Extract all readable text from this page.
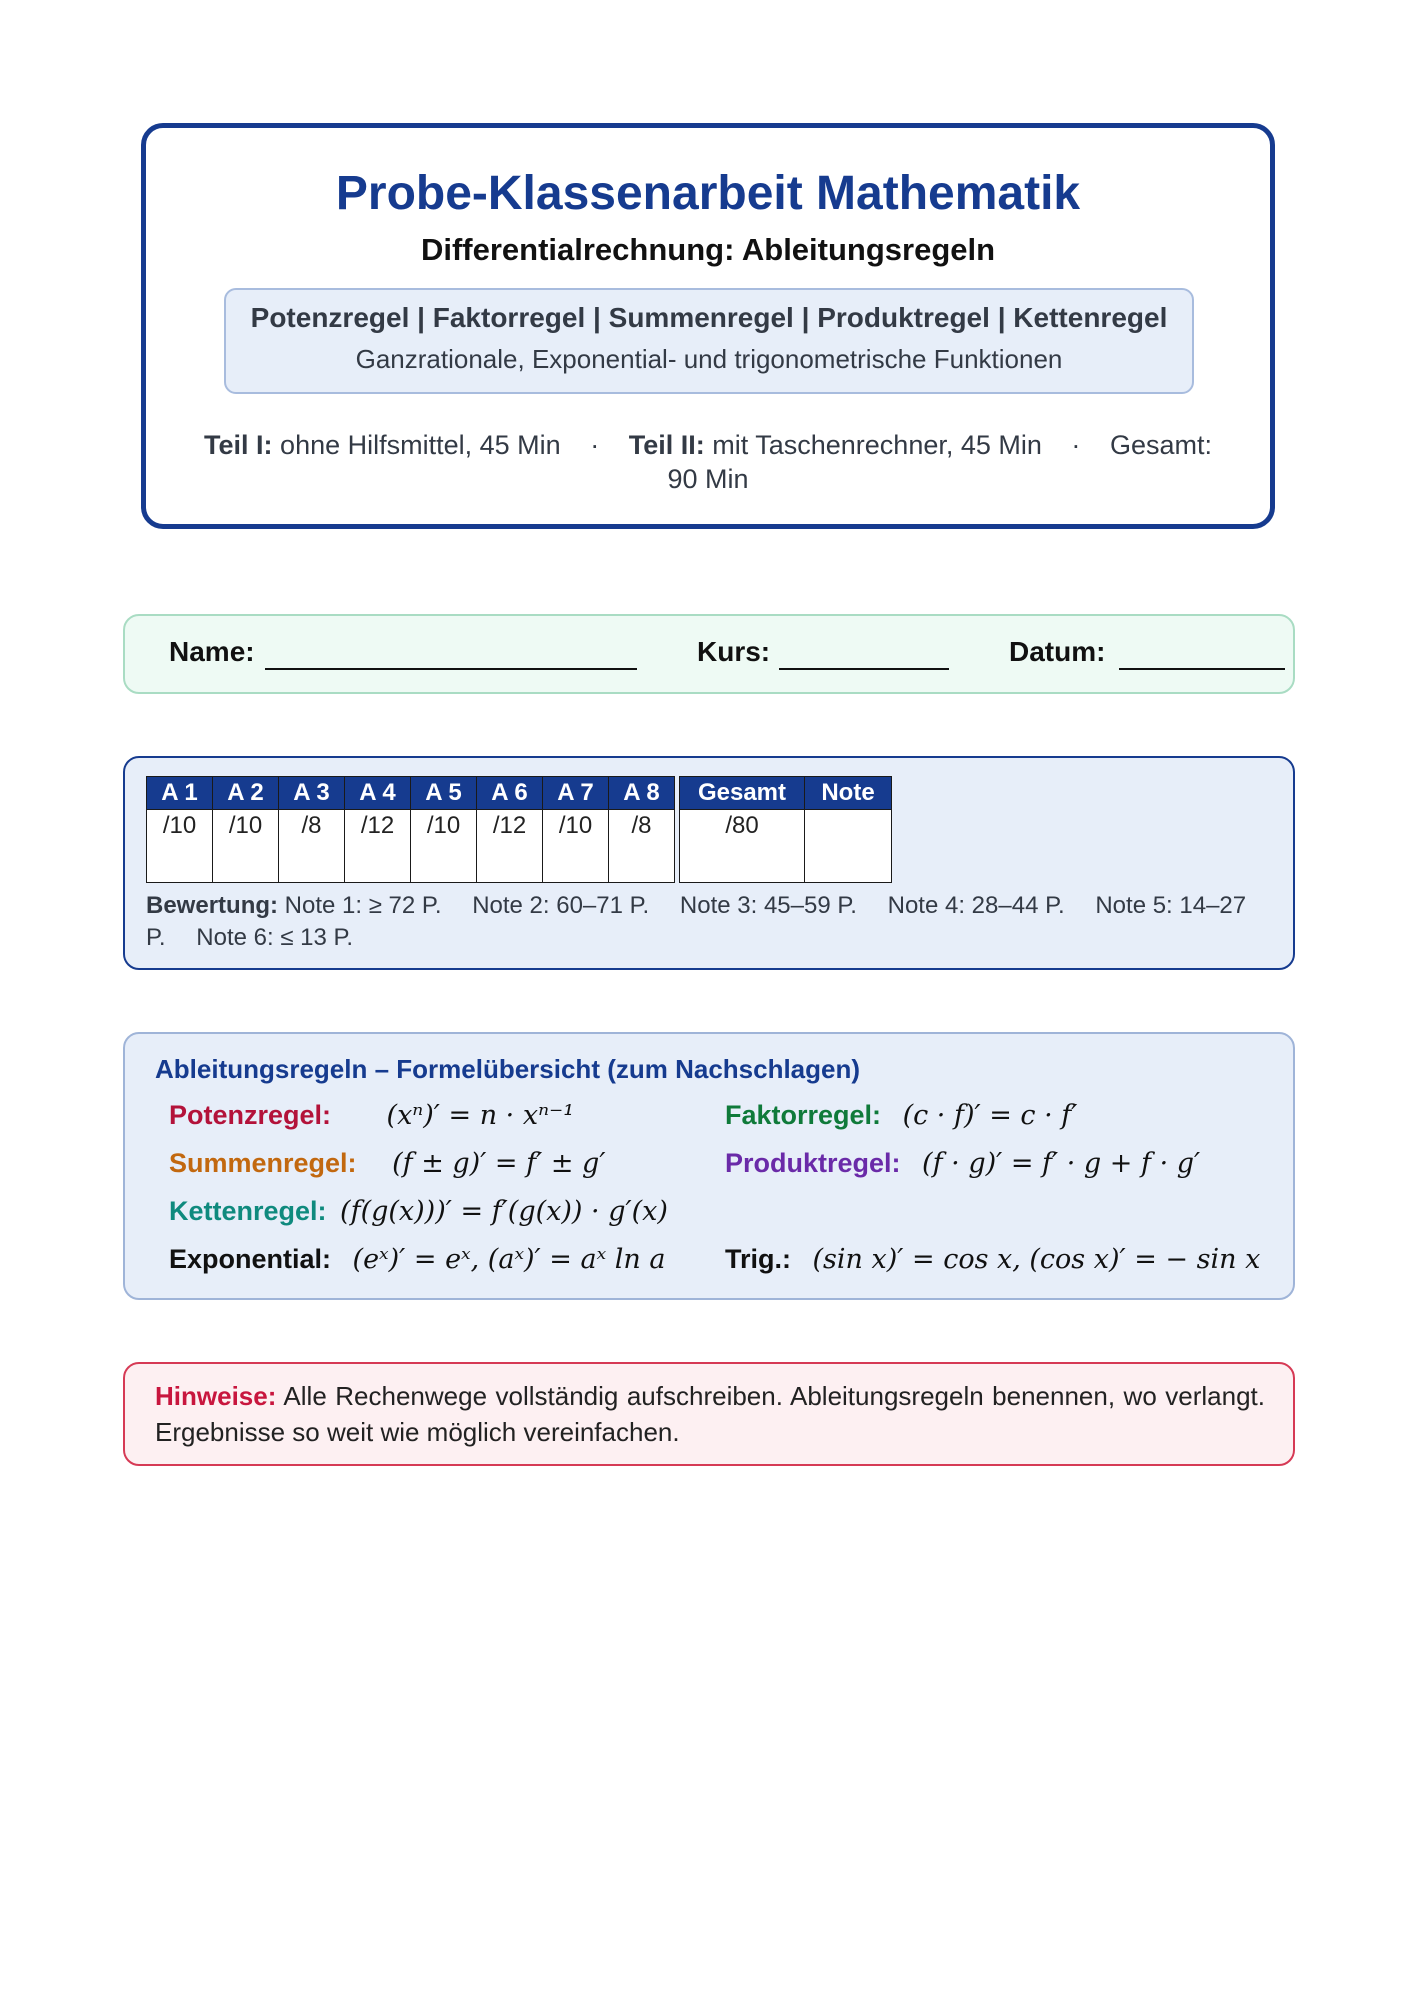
Probe-Klassenarbeit Mathematik
Differentialrechnung: Ableitungsregeln
Potenzregel | Faktorregel | Summenregel | Produktregel | Kettenregel
Ganzrationale, Exponential- und trigonometrische Funktionen
Teil I: ohne Hilfsmittel, 45 Min · Teil II: mit Taschenrechner, 45 Min · Gesamt: 90 Min
Name:	Kurs:	Datum:
A 1	A 2	A 3	A 4	A 5	A 6	A 7	A 8		Gesamt	Note
/10	/10	/8	/12	/10	/12	/10	/8		/80	
Bewertung: Note 1: ≥ 72 P. Note 2: 60–71 P. Note 3: 45–59 P. Note 4: 28–44 P. Note 5: 14–27 P. Note 6: ≤ 13 P.
Ableitungsregeln – Formelübersicht (zum Nachschlagen)
Potenzregel: (xⁿ)′ = n · xⁿ⁻¹	Faktorregel: (c · f)′ = c · f′
Summenregel: (f ± g)′ = f′ ± g′	Produktregel: (f · g)′ = f′ · g + f · g′
Kettenregel: (f(g(x)))′ = f′(g(x)) · g′(x)
Exponential: (eˣ)′ = eˣ, (aˣ)′ = aˣ ln a Trig.: (sin x)′ = cos x, (cos x)′ = − sin x
Hinweise: Alle Rechenwege vollständig aufschreiben. Ableitungsregeln benennen, wo verlangt. Ergebnisse so weit wie möglich vereinfachen.
